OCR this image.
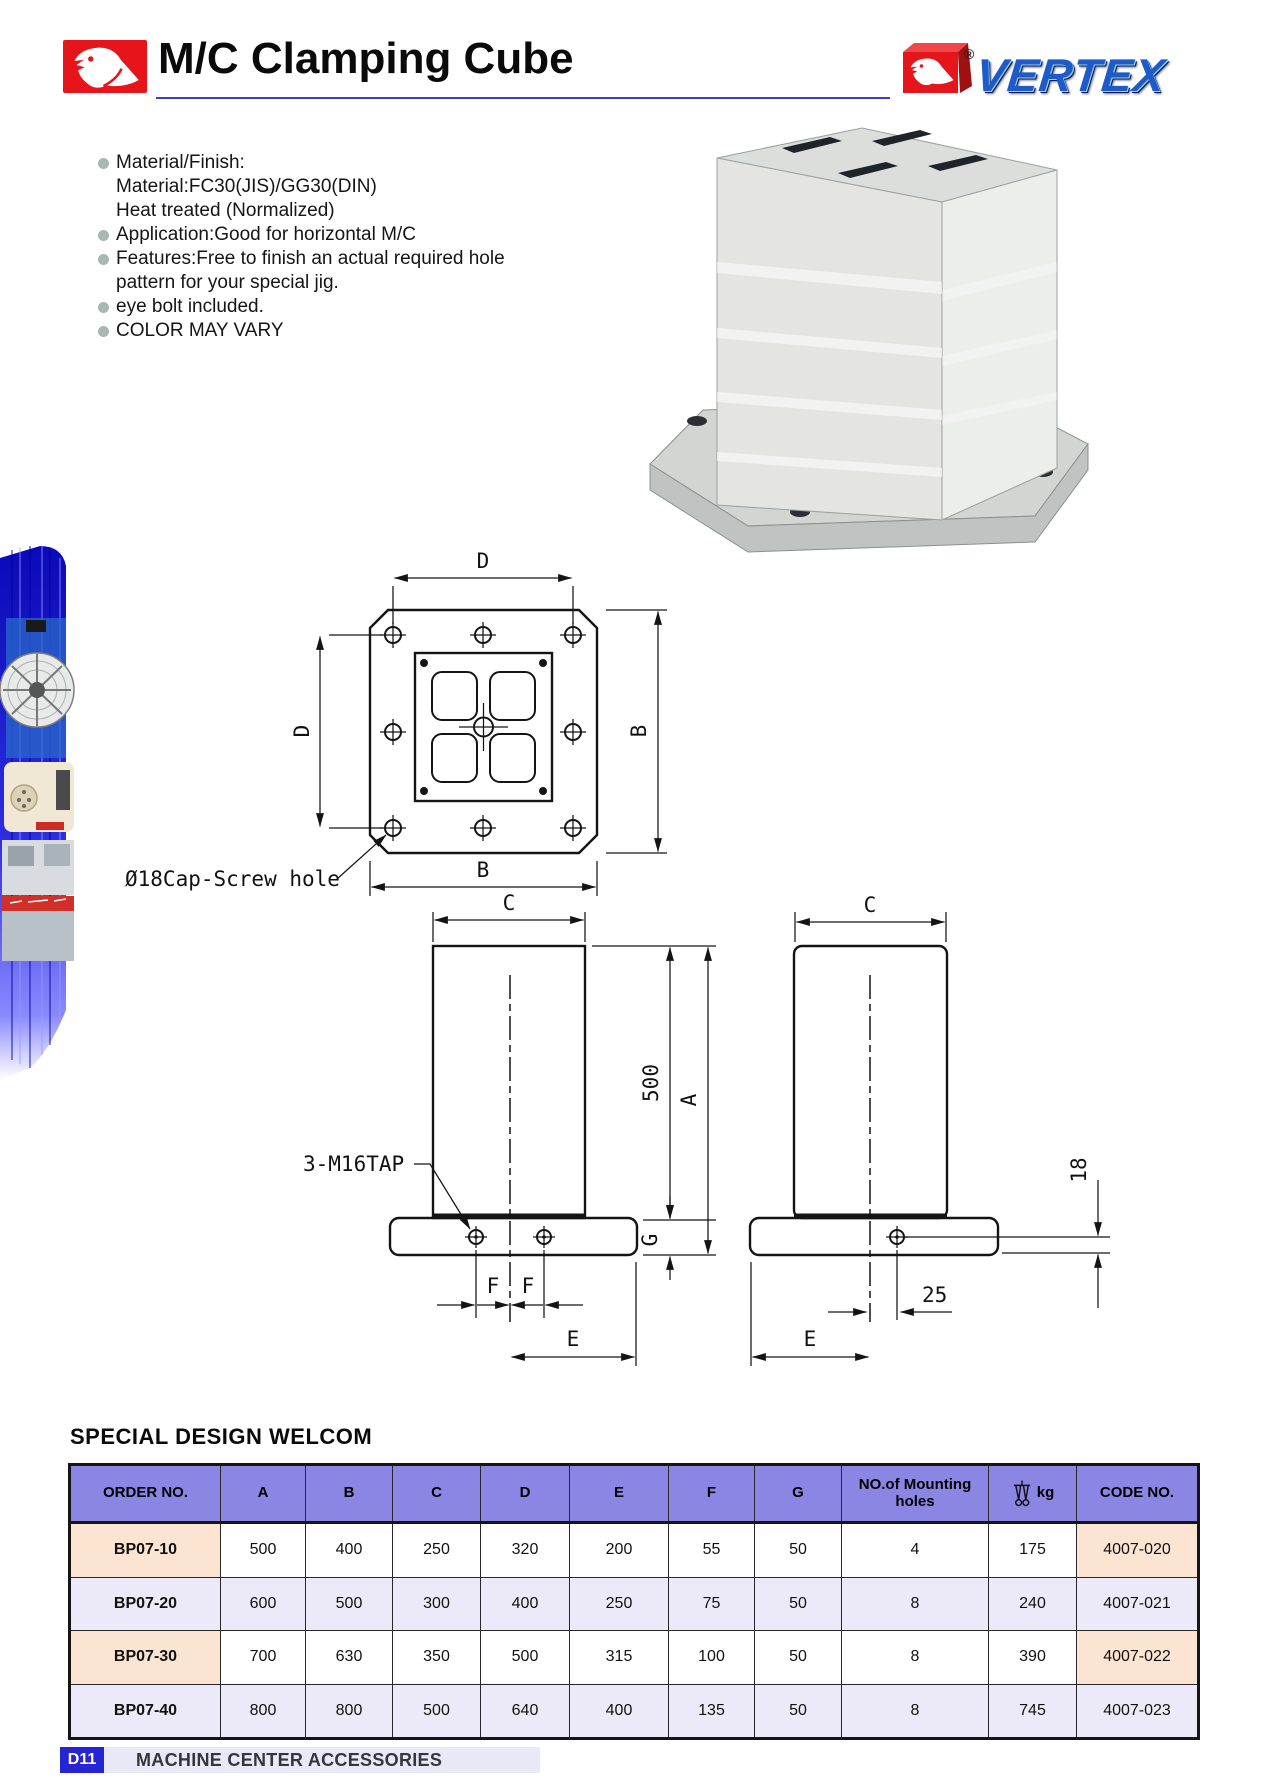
M/C Clamping Cube	®
VERTEX
Material/Finish:
Material:FC30(JIS)/GG30(DIN)
Heat treated (Normalized)
Application:Good for horizontal M/C
Features:Free to finish an actual required hole
pattern for your special jig.
eye bolt included.
COLOR MAY VARY
D
D
B
B
Ø18Cap-Screw hole
3-M16TAP
C
500
G
A
F F
E
C
18
25
E
SPECIAL DESIGN WELCOM
ORDER NO.	A	B	C	D	E	F	G	NO.of Mounting holes	kg	CODE NO.
BP07-10	500	400	250	320	200	55	50	4	175	4007-020
BP07-20	600	500	300	400	250	75	50	8	240	4007-021
BP07-30	700	630	350	500	315	100	50	8	390	4007-022
BP07-40	800	800	500	640	400	135	50	8	745	4007-023
D11	MACHINE CENTER ACCESSORIES
